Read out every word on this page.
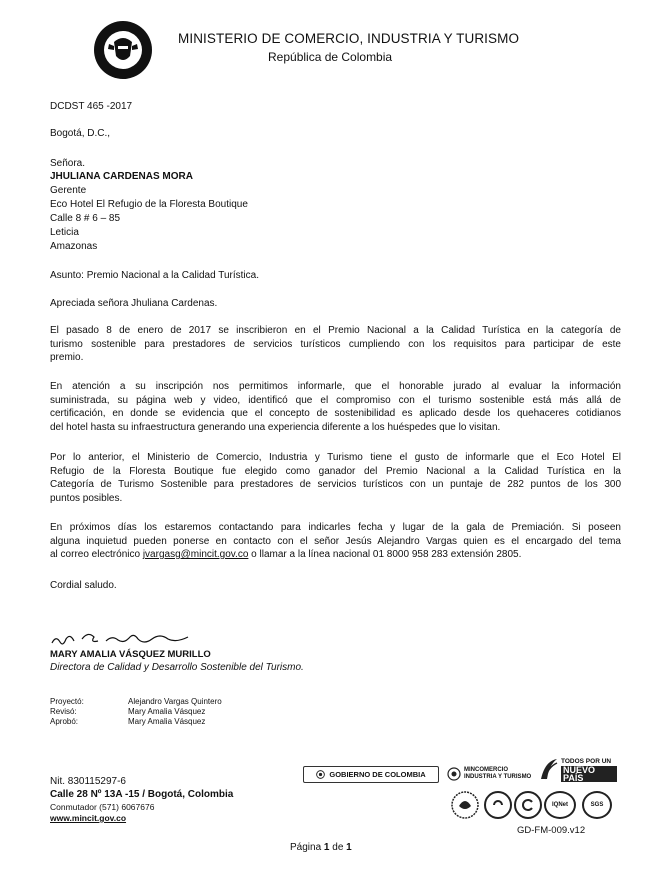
MINISTERIO DE COMERCIO, INDUSTRIA Y TURISMO
República de Colombia
DCDST 465 -2017
Bogotá, D.C.,
Señora.
JHULIANA CARDENAS MORA
Gerente
Eco Hotel El Refugio de la Floresta Boutique
Calle 8 # 6 – 85
Leticia
Amazonas
Asunto: Premio Nacional a la Calidad Turística.
Apreciada señora Jhuliana Cardenas.
El pasado 8 de enero de 2017 se inscribieron en el Premio Nacional a la Calidad Turística en la categoría de
turismo sostenible para prestadores de servicios turísticos cumpliendo con los requisitos para participar de este
premio.
En atención a su inscripción nos permitimos informarle, que el honorable jurado al evaluar la información
suministrada, su página web y video, identificó que el compromiso con el turismo sostenible está más allá de
certificación, en donde se evidencia que el concepto de sostenibilidad es aplicado desde los quehaceres cotidianos
del hotel hasta su infraestructura generando una experiencia diferente a los huéspedes que lo visitan.
Por lo anterior, el Ministerio de Comercio, Industria y Turismo tiene el gusto de informarle que el Eco Hotel El
Refugio de la Floresta Boutique fue elegido como ganador del Premio Nacional a la Calidad Turística en la
Categoría de Turismo Sostenible para prestadores de servicios turísticos con un puntaje de 282 puntos de los 300
puntos posibles.
En próximos días los estaremos contactando para indicarles fecha y lugar de la gala de Premiación. Si poseen
alguna inquietud pueden ponerse en contacto con el señor Jesús Alejandro Vargas quien es el encargado del tema
al correo electrónico jvargasg@mincit.gov.co o llamar a la línea nacional 01 8000 958 283 extensión 2805.
Cordial saludo.
MARY AMALIA VÁSQUEZ MURILLO
Directora de Calidad y Desarrollo Sostenible del Turismo.
Proyectó:	Alejandro Vargas Quintero
Revisó:	Mary Amalia Vásquez
Aprobó:	Mary Amalia Vásquez
Nit. 830115297-6
Calle 28 Nº 13A -15 / Bogotá, Colombia
Conmutador (571) 6067676
www.mincit.gov.co
GOBIERNO DE COLOMBIA	MINCOMERCIO
INDUSTRIA Y TURISMO
TODOS POR UN
NUEVO PAÍS
IQNet	SGS
GD-FM-009.v12
Página 1 de 1
